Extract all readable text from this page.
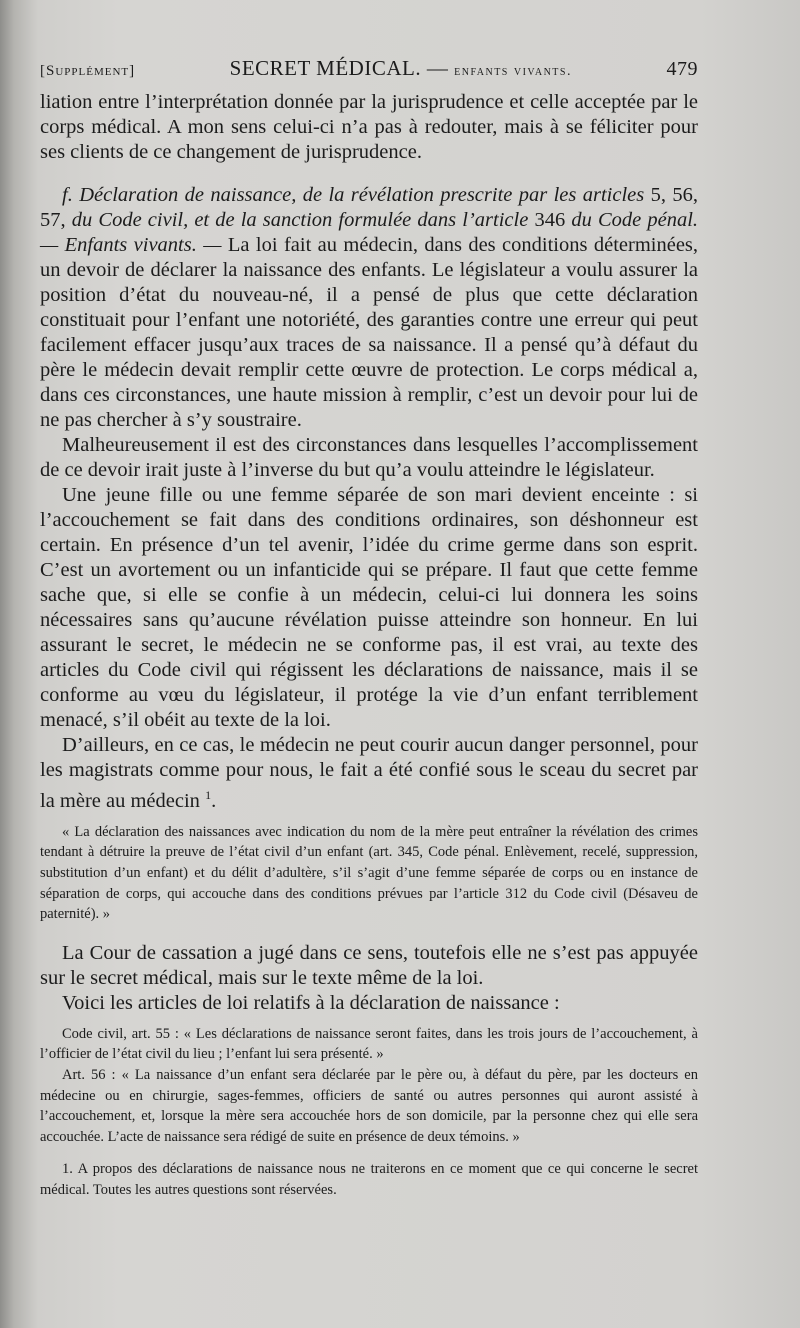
[Supplément]	SECRET MÉDICAL. — enfants vivants.	479

liation entre l’interprétation donnée par la jurisprudence et celle acceptée par le corps médical. A mon sens celui-ci n’a pas à redouter, mais à se féliciter pour ses clients de ce changement de jurisprudence.

f. Déclaration de naissance, de la révélation prescrite par les articles 5, 56, 57, du Code civil, et de la sanction formulée dans l’article 346 du Code pénal. — Enfants vivants. — La loi fait au médecin, dans des conditions déterminées, un devoir de déclarer la naissance des enfants. Le législateur a voulu assurer la position d’état du nouveau-né, il a pensé de plus que cette déclaration constituait pour l’enfant une notoriété, des garanties contre une erreur qui peut facilement effacer jusqu’aux traces de sa naissance. Il a pensé qu’à défaut du père le médecin devait remplir cette œuvre de protection. Le corps médical a, dans ces circonstances, une haute mission à remplir, c’est un devoir pour lui de ne pas chercher à s’y soustraire.

Malheureusement il est des circonstances dans lesquelles l’accomplissement de ce devoir irait juste à l’inverse du but qu’a voulu atteindre le législateur.

Une jeune fille ou une femme séparée de son mari devient enceinte : si l’accouchement se fait dans des conditions ordinaires, son déshonneur est certain. En présence d’un tel avenir, l’idée du crime germe dans son esprit. C’est un avortement ou un infanticide qui se prépare. Il faut que cette femme sache que, si elle se confie à un médecin, celui-ci lui donnera les soins nécessaires sans qu’aucune révélation puisse atteindre son honneur. En lui assurant le secret, le médecin ne se conforme pas, il est vrai, au texte des articles du Code civil qui régissent les déclarations de naissance, mais il se conforme au vœu du législateur, il protége la vie d’un enfant terriblement menacé, s’il obéit au texte de la loi.

D’ailleurs, en ce cas, le médecin ne peut courir aucun danger personnel, pour les magistrats comme pour nous, le fait a été confié sous le sceau du secret par la mère au médecin $^1$.

« La déclaration des naissances avec indication du nom de la mère peut entraîner la révélation des crimes tendant à détruire la preuve de l’état civil d’un enfant (art. 345, Code pénal. Enlèvement, recelé, suppression, substitution d’un enfant) et du délit d’adultère, s’il s’agit d’une femme séparée de corps ou en instance de séparation de corps, qui accouche dans des conditions prévues par l’article 312 du Code civil (Désaveu de paternité). »

La Cour de cassation a jugé dans ce sens, toutefois elle ne s’est pas appuyée sur le secret médical, mais sur le texte même de la loi.

Voici les articles de loi relatifs à la déclaration de naissance :

Code civil, art. 55 : « Les déclarations de naissance seront faites, dans les trois jours de l’accouchement, à l’officier de l’état civil du lieu ; l’enfant lui sera présenté. »

Art. 56 : « La naissance d’un enfant sera déclarée par le père ou, à défaut du père, par les docteurs en médecine ou en chirurgie, sages-femmes, officiers de santé ou autres personnes qui auront assisté à l’accouchement, et, lorsque la mère sera accouchée hors de son domicile, par la personne chez qui elle sera accouchée. L’acte de naissance sera rédigé de suite en présence de deux témoins. »

1. A propos des déclarations de naissance nous ne traiterons en ce moment que ce qui concerne le secret médical. Toutes les autres questions sont réservées.
